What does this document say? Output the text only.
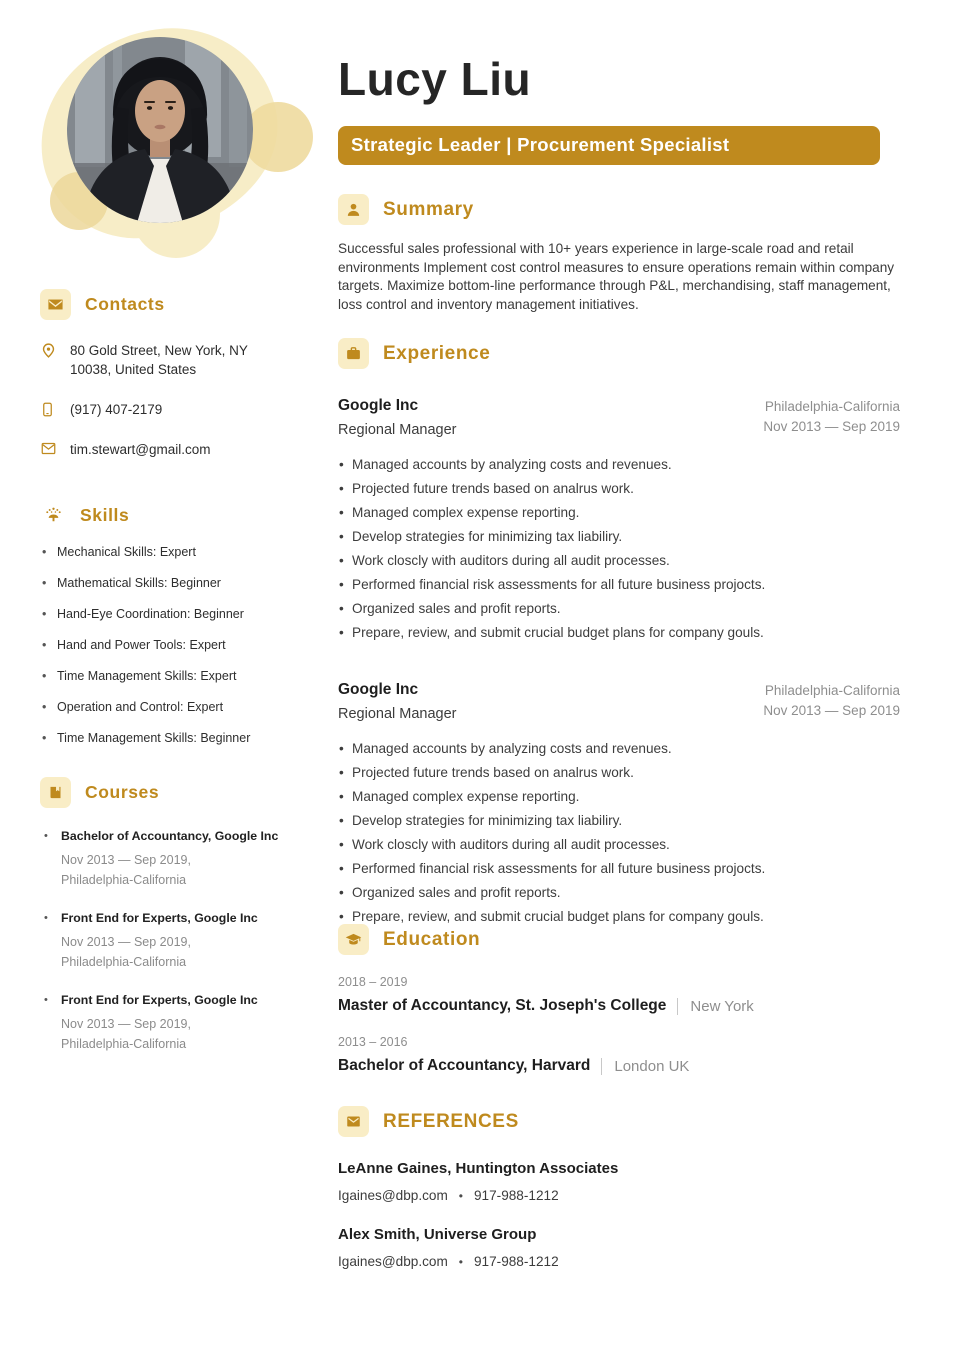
Contacts
80 Gold Street, New York, NY 10038, United States
(917) 407-2179
tim.stewart@gmail.com
Skills
• Mechanical Skills: Expert
• Mathematical Skills: Beginner
• Hand-Eye Coordination: Beginner
• Hand and Power Tools: Expert
• Time Management Skills: Expert
• Operation and Control: Expert
• Time Management Skills: Beginner
Courses
• Bachelor of Accountancy, Google Inc
Nov 2013 — Sep 2019, Philadelphia-California
• Front End for Experts, Google Inc
Nov 2013 — Sep 2019, Philadelphia-California
• Front End for Experts, Google Inc
Nov 2013 — Sep 2019, Philadelphia-California
Lucy Liu
Strategic Leader | Procurement Specialist
Summary

Successful sales professional with 10+ years experience in large-scale road and retail environments Implement cost control measures to ensure operations remain within company targets. Maximize bottom-line performance through P&L, merchandising, staff management, loss control and inventory management initiatives.

Experience
Google Inc
Regional Manager
Philadelphia-California
Nov 2013 — Sep 2019
• Managed accounts by analyzing costs and revenues.
• Projected future trends based on analrus work.
• Managed complex expense reporting.
• Develop strategies for minimizing tax liabiliry.
• Work closcly with auditors during all audit processes.
• Performed financial risk assessments for all future business projocts.
• Organized sales and profit reports.
• Prepare, review, and submit crucial budget plans for company gouls.
Google Inc
Regional Manager
Philadelphia-California
Nov 2013 — Sep 2019
• Managed accounts by analyzing costs and revenues.
• Projected future trends based on analrus work.
• Managed complex expense reporting.
• Develop strategies for minimizing tax liabiliry.
• Work closcly with auditors during all audit processes.
• Performed financial risk assessments for all future business projocts.
• Organized sales and profit reports.
• Prepare, review, and submit crucial budget plans for company gouls.
Education
2018 – 2019
Master of Accountancy, St. Joseph's College	New York
2013 – 2016
Bachelor of Accountancy, Harvard	London UK
REFERENCES
LeAnne Gaines, Huntington Associates
Igaines@dbp.com • 917-988-1212
Alex Smith, Universe Group
Igaines@dbp.com • 917-988-1212
